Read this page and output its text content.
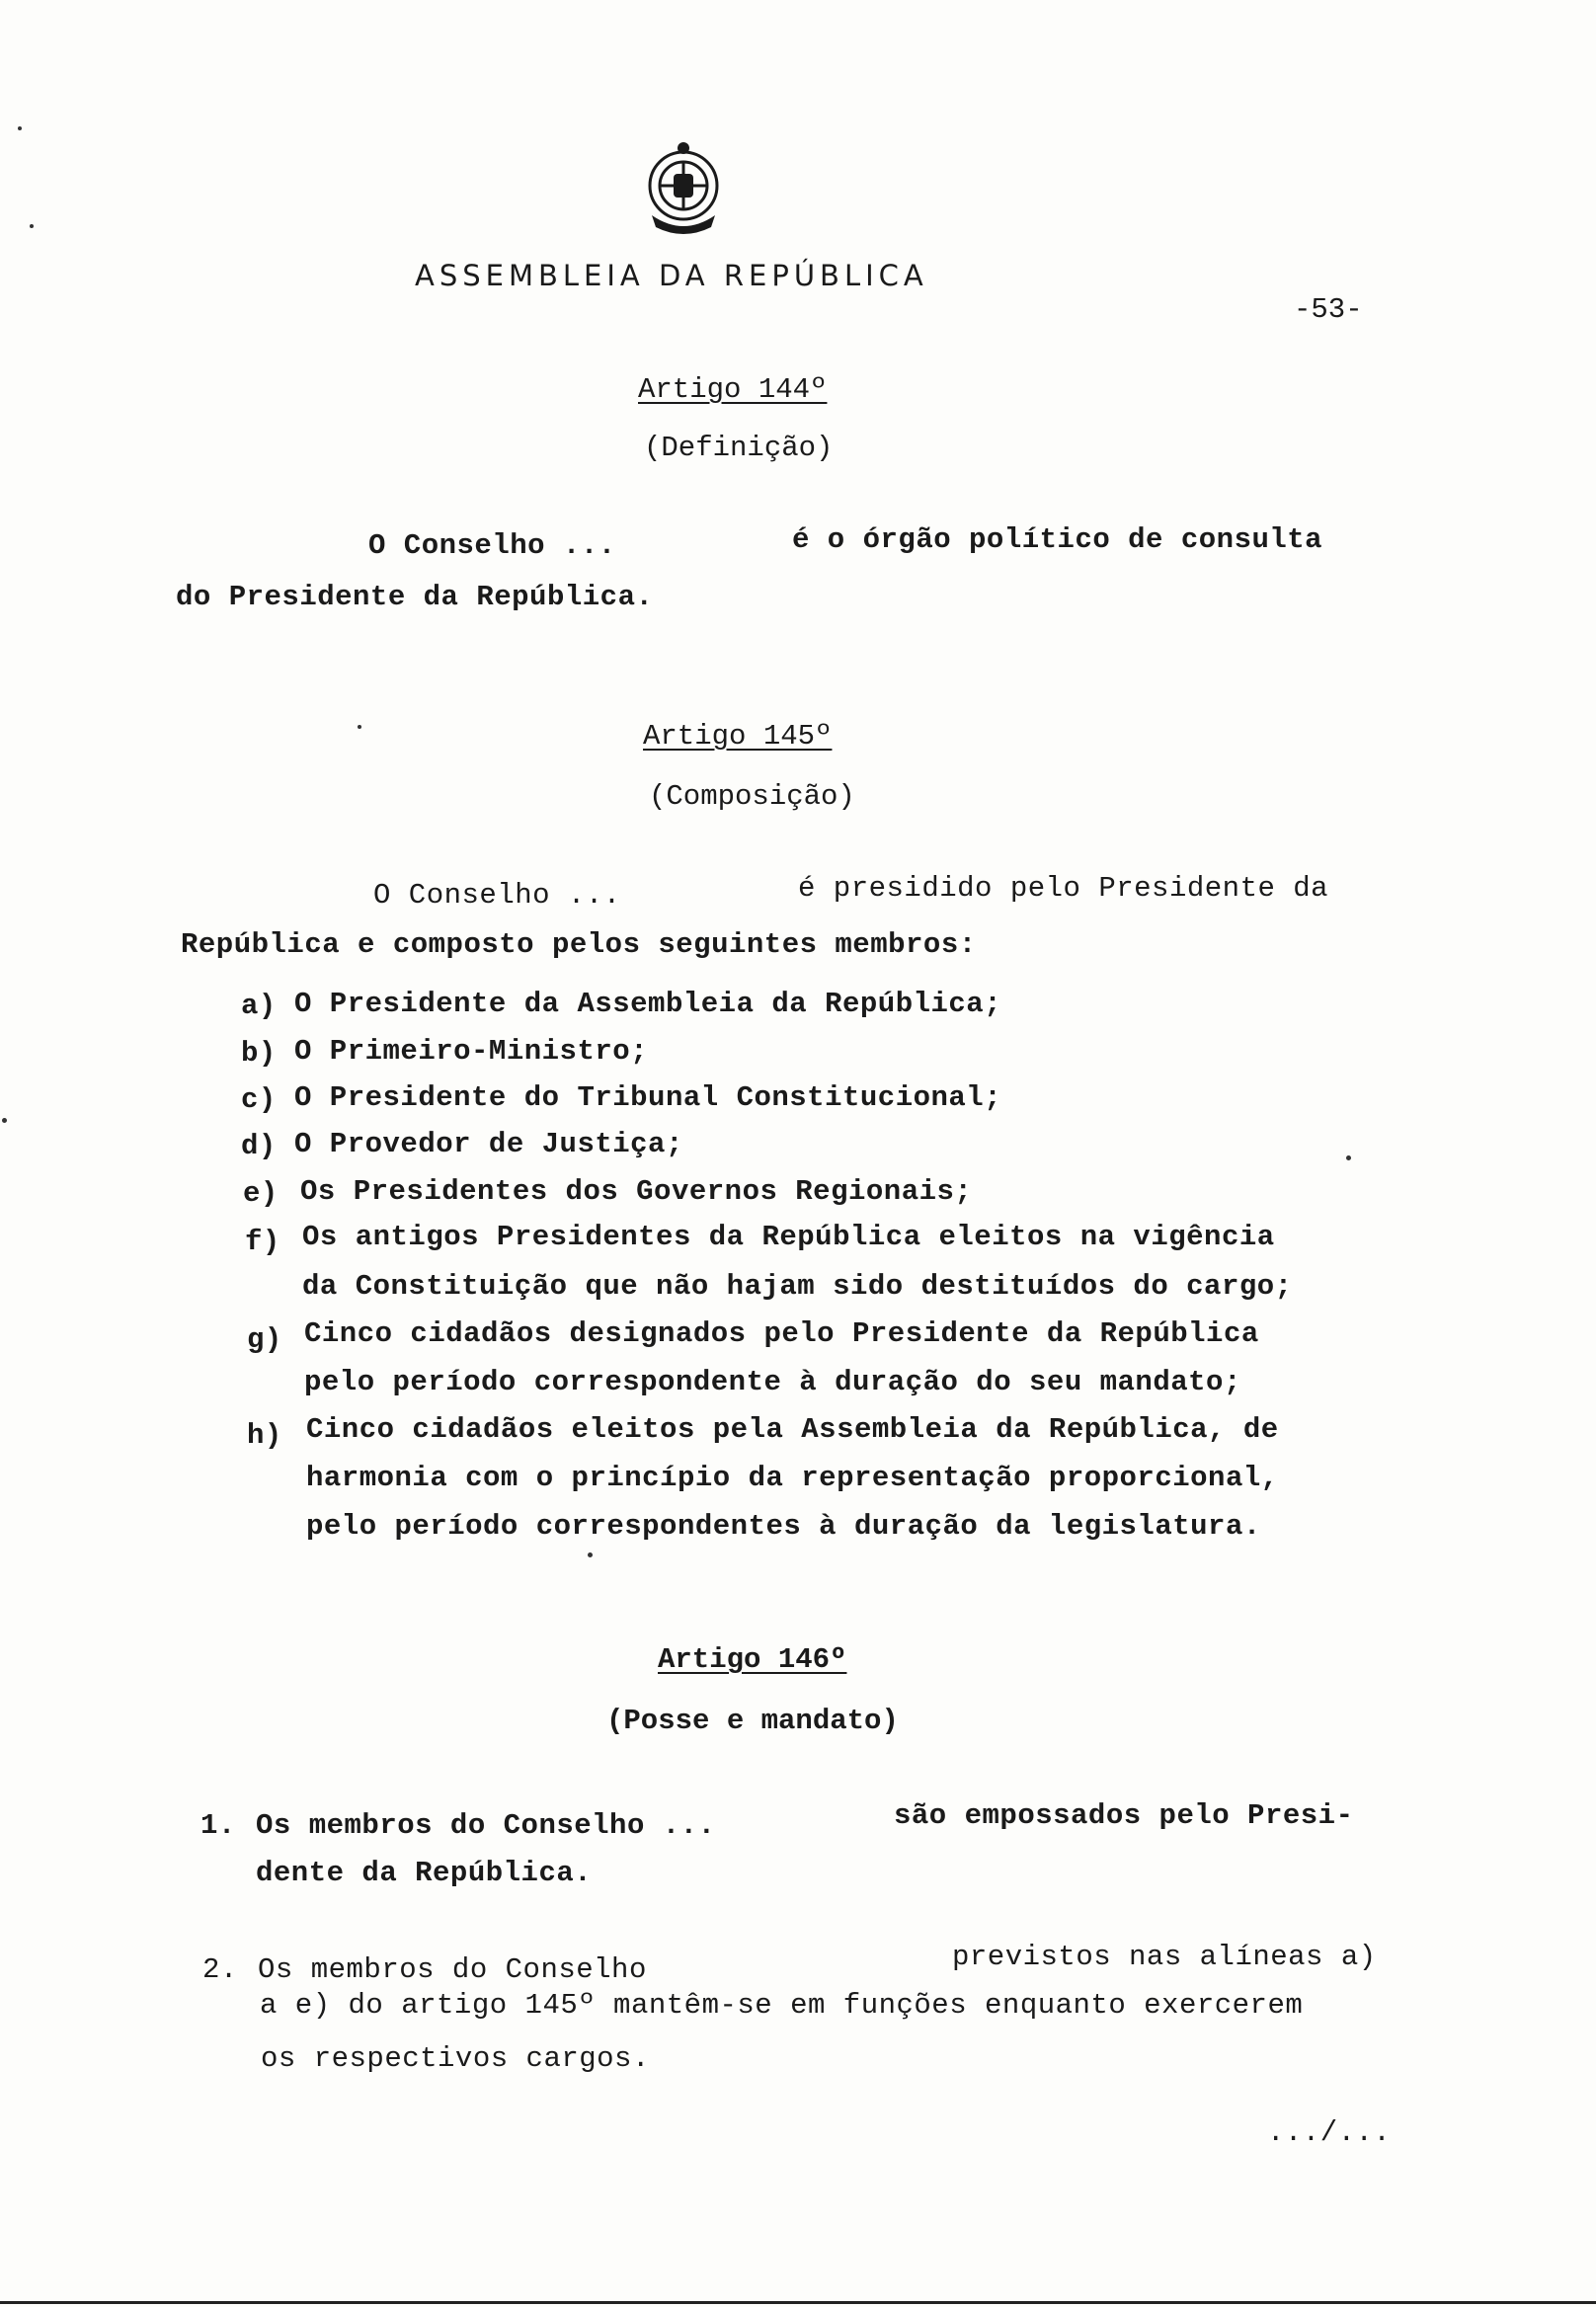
ASSEMBLEIA DA REPÚBLICA
-53-
Artigo 144º
(Definição)
O Conselho ...	é o órgão político de consulta
do Presidente da República.
Artigo 145º
(Composição)
O Conselho ...	é presidido pelo Presidente da
República e composto pelos seguintes membros:
a) O Presidente da Assembleia da República;
b) O Primeiro-Ministro;
c) O Presidente do Tribunal Constitucional;
d) O Provedor de Justiça;
e) Os Presidentes dos Governos Regionais;
f) Os antigos Presidentes da República eleitos na vigência
da Constituição que não hajam sido destituídos do cargo;
g) Cinco cidadãos designados pelo Presidente da República
pelo período correspondente à duração do seu mandato;
h) Cinco cidadãos eleitos pela Assembleia da República, de
harmonia com o princípio da representação proporcional,
pelo período correspondentes à duração da legislatura.
Artigo 146º
(Posse e mandato)
1. Os membros do Conselho ...	são empossados pelo Presi-
dente da República.
2. Os membros do Conselho	previstos nas alíneas a)
a e) do artigo 145º mantêm-se em funções enquanto exercerem
os respectivos cargos.
.../...
